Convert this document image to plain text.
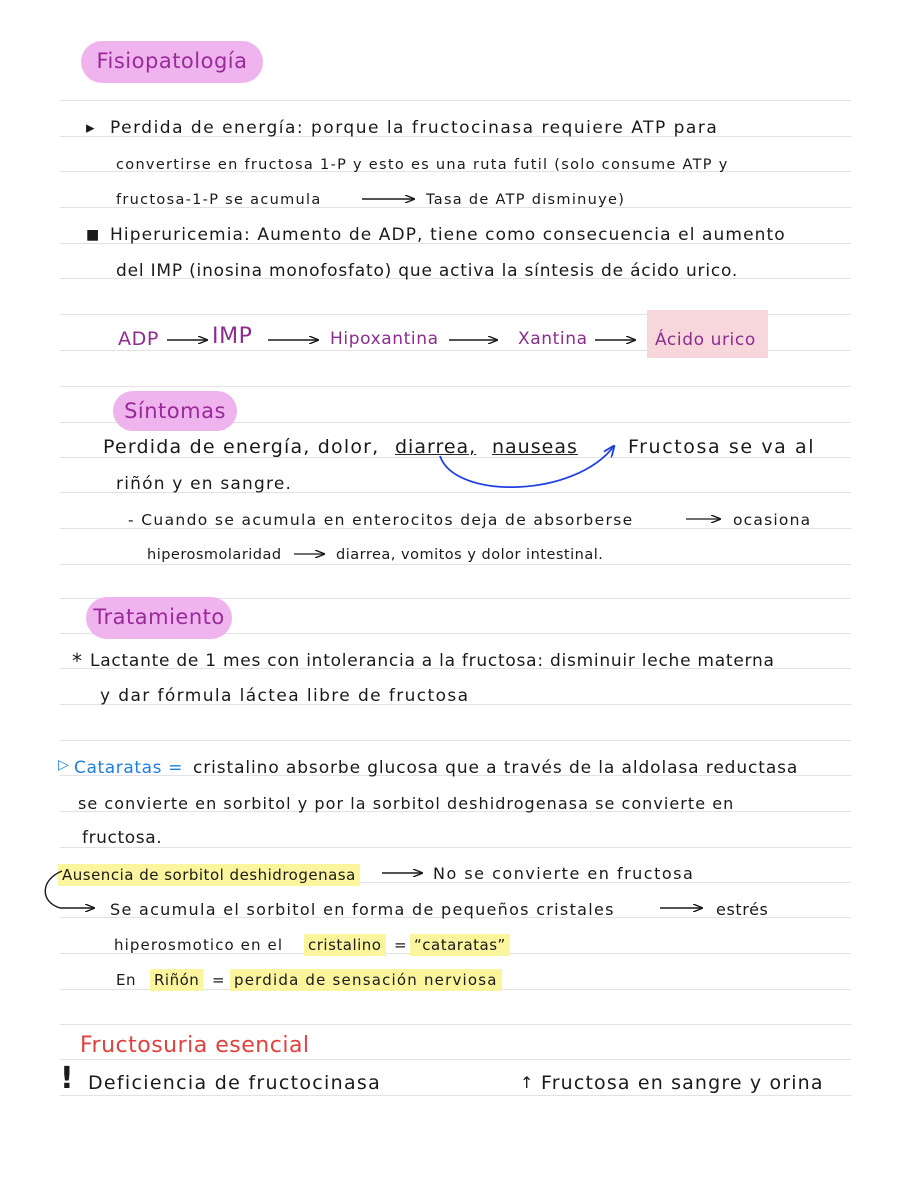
Fisiopatología
▸ Perdida de energía: porque la fructocinasa requiere ATP para
convertirse en fructosa 1-P y esto es una ruta futil (solo consume ATP y
fructosa-1-P se acumula	Tasa de ATP disminuye)
■ Hiperuricemia: Aumento de ADP, tiene como consecuencia el aumento
del IMP (inosina monofosfato) que activa la síntesis de ácido urico.
ADP IMP	Hipoxantina	Xantina	Ácido urico
Síntomas
Perdida de energía, dolor, diarrea, nauseas	Fructosa se va al
riñón y en sangre.
- Cuando se acumula en enterocitos deja de absorberse	ocasiona
hiperosmolaridad	diarrea, vomitos y dolor intestinal.
Tratamiento
* Lactante de 1 mes con intolerancia a la fructosa: disminuir leche materna
y dar fórmula láctea libre de fructosa
▷ Cataratas = cristalino absorbe glucosa que a través de la aldolasa reductasa
se convierte en sorbitol y por la sorbitol deshidrogenasa se convierte en
fructosa.
Ausencia de sorbitol deshidrogenasa	No se convierte en fructosa
Se acumula el sorbitol en forma de pequeños cristales	estrés
hiperosmotico en el cristalino = “cataratas”
En Riñón = perdida de sensación nerviosa
Fructosuria esencial
! Deficiencia de fructocinasa	↑ Fructosa en sangre y orina
